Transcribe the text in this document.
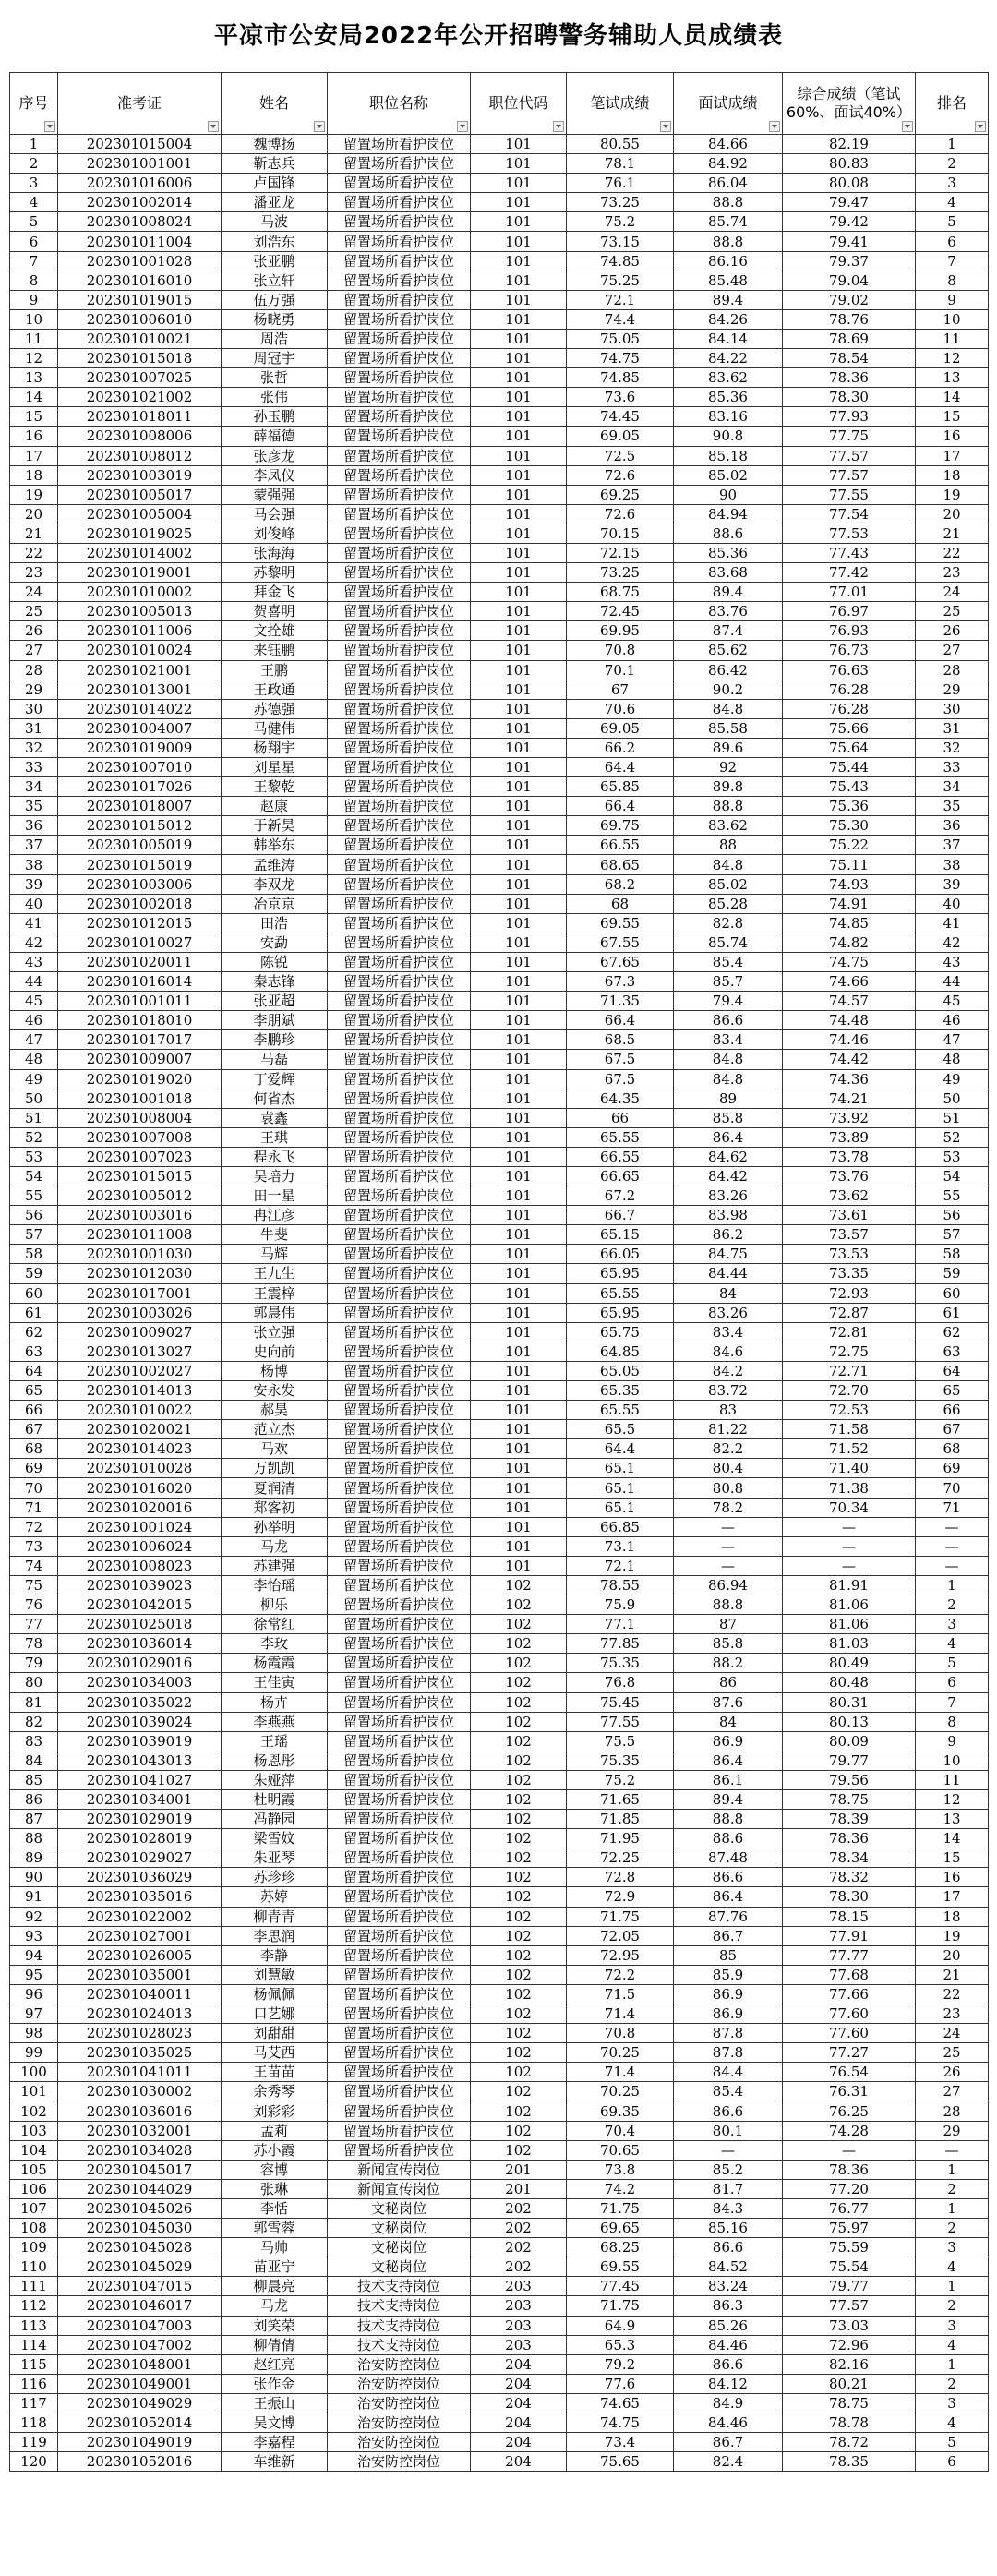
平凉市公安局2022年公开招聘警务辅助人员成绩表
序号	准考证	姓名	职位名称	职位代码	笔试成绩	面试成绩	综合成绩（笔试60%、面试40%）	排名

1	202301015004	魏博扬	留置场所看护岗位	101	80.55	84.66	82.19	1
2	202301001001	靳志兵	留置场所看护岗位	101	78.1	84.92	80.83	2
3	202301016006	卢国锋	留置场所看护岗位	101	76.1	86.04	80.08	3
4	202301002014	潘亚龙	留置场所看护岗位	101	73.25	88.8	79.47	4
5	202301008024	马波	留置场所看护岗位	101	75.2	85.74	79.42	5
6	202301011004	刘浩东	留置场所看护岗位	101	73.15	88.8	79.41	6
7	202301001028	张亚鹏	留置场所看护岗位	101	74.85	86.16	79.37	7
8	202301016010	张立轩	留置场所看护岗位	101	75.25	85.48	79.04	8
9	202301019015	伍万强	留置场所看护岗位	101	72.1	89.4	79.02	9
10	202301006010	杨晓勇	留置场所看护岗位	101	74.4	84.26	78.76	10
11	202301010021	周浩	留置场所看护岗位	101	75.05	84.14	78.69	11
12	202301015018	周冠宇	留置场所看护岗位	101	74.75	84.22	78.54	12
13	202301007025	张哲	留置场所看护岗位	101	74.85	83.62	78.36	13
14	202301021002	张伟	留置场所看护岗位	101	73.6	85.36	78.30	14
15	202301018011	孙玉鹏	留置场所看护岗位	101	74.45	83.16	77.93	15
16	202301008006	薛福德	留置场所看护岗位	101	69.05	90.8	77.75	16
17	202301008012	张彦龙	留置场所看护岗位	101	72.5	85.18	77.57	17
18	202301003019	李凤仪	留置场所看护岗位	101	72.6	85.02	77.57	18
19	202301005017	蒙强强	留置场所看护岗位	101	69.25	90	77.55	19
20	202301005004	马会强	留置场所看护岗位	101	72.6	84.94	77.54	20
21	202301019025	刘俊峰	留置场所看护岗位	101	70.15	88.6	77.53	21
22	202301014002	张海海	留置场所看护岗位	101	72.15	85.36	77.43	22
23	202301019001	苏黎明	留置场所看护岗位	101	73.25	83.68	77.42	23
24	202301010002	拜金飞	留置场所看护岗位	101	68.75	89.4	77.01	24
25	202301005013	贺喜明	留置场所看护岗位	101	72.45	83.76	76.97	25
26	202301011006	文拴雄	留置场所看护岗位	101	69.95	87.4	76.93	26
27	202301010024	来钰鹏	留置场所看护岗位	101	70.8	85.62	76.73	27
28	202301021001	王鹏	留置场所看护岗位	101	70.1	86.42	76.63	28
29	202301013001	王政通	留置场所看护岗位	101	67	90.2	76.28	29
30	202301014022	苏德强	留置场所看护岗位	101	70.6	84.8	76.28	30
31	202301004007	马健伟	留置场所看护岗位	101	69.05	85.58	75.66	31
32	202301019009	杨翔宇	留置场所看护岗位	101	66.2	89.6	75.64	32
33	202301007010	刘星星	留置场所看护岗位	101	64.4	92	75.44	33
34	202301017026	王黎乾	留置场所看护岗位	101	65.85	89.8	75.43	34
35	202301018007	赵康	留置场所看护岗位	101	66.4	88.8	75.36	35
36	202301015012	于新昊	留置场所看护岗位	101	69.75	83.62	75.30	36
37	202301005019	韩举东	留置场所看护岗位	101	66.55	88	75.22	37
38	202301015019	孟维涛	留置场所看护岗位	101	68.65	84.8	75.11	38
39	202301003006	李双龙	留置场所看护岗位	101	68.2	85.02	74.93	39
40	202301002018	冶京京	留置场所看护岗位	101	68	85.28	74.91	40
41	202301012015	田浩	留置场所看护岗位	101	69.55	82.8	74.85	41
42	202301010027	安勐	留置场所看护岗位	101	67.55	85.74	74.82	42
43	202301020011	陈锐	留置场所看护岗位	101	67.65	85.4	74.75	43
44	202301016014	秦志锋	留置场所看护岗位	101	67.3	85.7	74.66	44
45	202301001011	张亚超	留置场所看护岗位	101	71.35	79.4	74.57	45
46	202301018010	李朋斌	留置场所看护岗位	101	66.4	86.6	74.48	46
47	202301017017	李鹏珍	留置场所看护岗位	101	68.5	83.4	74.46	47
48	202301009007	马磊	留置场所看护岗位	101	67.5	84.8	74.42	48
49	202301019020	丁爱辉	留置场所看护岗位	101	67.5	84.8	74.36	49
50	202301001018	何省杰	留置场所看护岗位	101	64.35	89	74.21	50
51	202301008004	袁鑫	留置场所看护岗位	101	66	85.8	73.92	51
52	202301007008	王琪	留置场所看护岗位	101	65.55	86.4	73.89	52
53	202301007023	程永飞	留置场所看护岗位	101	66.55	84.62	73.78	53
54	202301015015	吴培力	留置场所看护岗位	101	66.65	84.42	73.76	54
55	202301005012	田一星	留置场所看护岗位	101	67.2	83.26	73.62	55
56	202301003016	冉江彦	留置场所看护岗位	101	66.7	83.98	73.61	56
57	202301011008	牛斐	留置场所看护岗位	101	65.15	86.2	73.57	57
58	202301001030	马辉	留置场所看护岗位	101	66.05	84.75	73.53	58
59	202301012030	王九生	留置场所看护岗位	101	65.95	84.44	73.35	59
60	202301017001	王震梓	留置场所看护岗位	101	65.55	84	72.93	60
61	202301003026	郭晨伟	留置场所看护岗位	101	65.95	83.26	72.87	61
62	202301009027	张立强	留置场所看护岗位	101	65.75	83.4	72.81	62
63	202301013027	史向前	留置场所看护岗位	101	64.85	84.6	72.75	63
64	202301002027	杨博	留置场所看护岗位	101	65.05	84.2	72.71	64
65	202301014013	安永发	留置场所看护岗位	101	65.35	83.72	72.70	65
66	202301010022	郝昊	留置场所看护岗位	101	65.55	83	72.53	66
67	202301020021	范立杰	留置场所看护岗位	101	65.5	81.22	71.58	67
68	202301014023	马欢	留置场所看护岗位	101	64.4	82.2	71.52	68
69	202301010028	万凯凯	留置场所看护岗位	101	65.1	80.4	71.40	69
70	202301016020	夏润清	留置场所看护岗位	101	65.1	80.8	71.38	70
71	202301020016	郑客初	留置场所看护岗位	101	65.1	78.2	70.34	71
72	202301001024	孙举明	留置场所看护岗位	101	66.85	—	—	—
73	202301006024	马龙	留置场所看护岗位	101	73.1	—	—	—
74	202301008023	苏建强	留置场所看护岗位	101	72.1	—	—	—
75	202301039023	李怡瑶	留置场所看护岗位	102	78.55	86.94	81.91	1
76	202301042015	柳乐	留置场所看护岗位	102	75.9	88.8	81.06	2
77	202301025018	徐常红	留置场所看护岗位	102	77.1	87	81.06	3
78	202301036014	李玫	留置场所看护岗位	102	77.85	85.8	81.03	4
79	202301029016	杨霞霞	留置场所看护岗位	102	75.35	88.2	80.49	5
80	202301034003	王佳寅	留置场所看护岗位	102	76.8	86	80.48	6
81	202301035022	杨卉	留置场所看护岗位	102	75.45	87.6	80.31	7
82	202301039024	李燕燕	留置场所看护岗位	102	77.55	84	80.13	8
83	202301039019	王瑶	留置场所看护岗位	102	75.5	86.9	80.09	9
84	202301043013	杨恩彤	留置场所看护岗位	102	75.35	86.4	79.77	10
85	202301041027	朱娅萍	留置场所看护岗位	102	75.2	86.1	79.56	11
86	202301034001	杜明霞	留置场所看护岗位	102	71.65	89.4	78.75	12
87	202301029019	冯静园	留置场所看护岗位	102	71.85	88.8	78.39	13
88	202301028019	梁雪妏	留置场所看护岗位	102	71.95	88.6	78.36	14
89	202301029027	朱亚琴	留置场所看护岗位	102	72.25	87.48	78.34	15
90	202301036029	苏珍珍	留置场所看护岗位	102	72.8	86.6	78.32	16
91	202301035016	苏婷	留置场所看护岗位	102	72.9	86.4	78.30	17
92	202301022002	柳青青	留置场所看护岗位	102	71.75	87.76	78.15	18
93	202301027001	李思润	留置场所看护岗位	102	72.05	86.7	77.91	19
94	202301026005	李静	留置场所看护岗位	102	72.95	85	77.77	20
95	202301035001	刘慧敏	留置场所看护岗位	102	72.2	85.9	77.68	21
96	202301040011	杨佩佩	留置场所看护岗位	102	71.5	86.9	77.66	22
97	202301024013	口艺娜	留置场所看护岗位	102	71.4	86.9	77.60	23
98	202301028023	刘甜甜	留置场所看护岗位	102	70.8	87.8	77.60	24
99	202301035025	马艾西	留置场所看护岗位	102	70.25	87.8	77.27	25
100	202301041011	王苗苗	留置场所看护岗位	102	71.4	84.4	76.54	26
101	202301030002	余秀琴	留置场所看护岗位	102	70.25	85.4	76.31	27
102	202301036016	刘彩彩	留置场所看护岗位	102	69.35	86.6	76.25	28
103	202301032001	孟莉	留置场所看护岗位	102	70.4	80.1	74.28	29
104	202301034028	苏小霞	留置场所看护岗位	102	70.65	—	—	—
105	202301045017	容博	新闻宣传岗位	201	73.8	85.2	78.36	1
106	202301044029	张琳	新闻宣传岗位	201	74.2	81.7	77.20	2
107	202301045026	李恬	文秘岗位	202	71.75	84.3	76.77	1
108	202301045030	郭雪蓉	文秘岗位	202	69.65	85.16	75.97	2
109	202301045028	马帅	文秘岗位	202	68.25	86.6	75.59	3
110	202301045029	苗亚宁	文秘岗位	202	69.55	84.52	75.54	4
111	202301047015	柳晨亮	技术支持岗位	203	77.45	83.24	79.77	1
112	202301046017	马龙	技术支持岗位	203	71.75	86.3	77.57	2
113	202301047003	刘笑荣	技术支持岗位	203	64.9	85.26	73.03	3
114	202301047002	柳倩倩	技术支持岗位	203	65.3	84.46	72.96	4
115	202301048001	赵红亮	治安防控岗位	204	79.2	86.6	82.16	1
116	202301049001	张作金	治安防控岗位	204	77.6	84.12	80.21	2
117	202301049029	王振山	治安防控岗位	204	74.65	84.9	78.75	3
118	202301052014	吴文博	治安防控岗位	204	74.75	84.46	78.78	4
119	202301049019	李嘉程	治安防控岗位	204	73.4	86.7	78.72	5
120	202301052016	车维新	治安防控岗位	204	75.65	82.4	78.35	6
